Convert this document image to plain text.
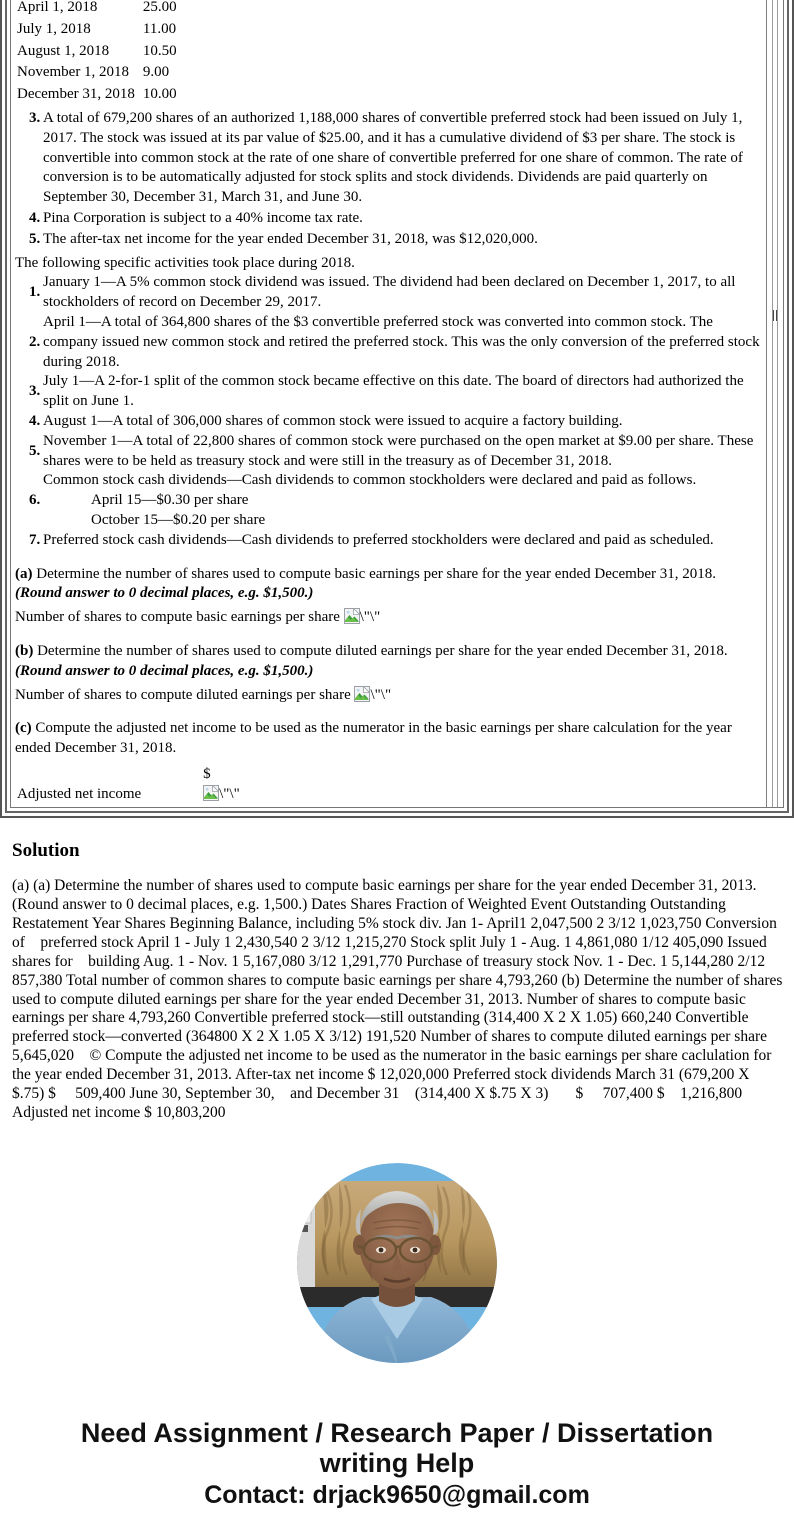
April 1, 2018	25.00
July 1, 2018	11.00
August 1, 2018	10.50
November 1, 2018	9.00
December 31, 2018	10.00
3. A total of 679,200 shares of an authorized 1,188,000 shares of convertible preferred stock had been issued on July 1, 2017. The stock was issued at its par value of $25.00, and it has a cumulative dividend of $3 per share. The stock is convertible into common stock at the rate of one share of convertible preferred for one share of common. The rate of conversion is to be automatically adjusted for stock splits and stock dividends. Dividends are paid quarterly on September 30, December 31, March 31, and June 30.
4. Pina Corporation is subject to a 40% income tax rate.
5. The after-tax net income for the year ended December 31, 2018, was $12,020,000.
The following specific activities took place during 2018.
1.
January 1—A 5% common stock dividend was issued. The dividend had been declared on December 1, 2017, to all stockholders of record on December 29, 2017.
2.
April 1—A total of 364,800 shares of the $3 convertible preferred stock was converted into common stock. The company issued new common stock and retired the preferred stock. This was the only conversion of the preferred stock during 2018.
3.
July 1—A 2-for-1 split of the common stock became effective on this date. The board of directors had authorized the split on June 1.
4. August 1—A total of 306,000 shares of common stock were issued to acquire a factory building.
5.
November 1—A total of 22,800 shares of common stock were purchased on the open market at $9.00 per share. These shares were to be held as treasury stock and were still in the treasury as of December 31, 2018.
6.
Common stock cash dividends—Cash dividends to common stockholders were declared and paid as follows.
April 15—$0.30 per share
October 15—$0.20 per share
7. Preferred stock cash dividends—Cash dividends to preferred stockholders were declared and paid as scheduled.
(a) Determine the number of shares used to compute basic earnings per share for the year ended December 31, 2018. (Round answer to 0 decimal places, e.g. $1,500.)
Number of shares to compute basic earnings per share \"\"
(b) Determine the number of shares used to compute diluted earnings per share for the year ended December 31, 2018. (Round answer to 0 decimal places, e.g. $1,500.)
Number of shares to compute diluted earnings per share \"\"
(c) Compute the adjusted net income to be used as the numerator in the basic earnings per share calculation for the year ended December 31, 2018.
	$
Adjusted net income	\"\"
Solution

(a) (a) Determine the number of shares used to compute basic earnings per share for the year ended December 31, 2013. (Round answer to 0 decimal places, e.g. 1,500.) Dates Shares Fraction of Weighted Event Outstanding Outstanding Restatement Year Shares Beginning Balance, including 5% stock div. Jan 1- April1 2,047,500 2 3/12 1,023,750 Conversion of    preferred stock April 1 - July 1 2,430,540 2 3/12 1,215,270 Stock split July 1 - Aug. 1 4,861,080 1/12 405,090 Issued shares for    building Aug. 1 - Nov. 1 5,167,080 3/12 1,291,770 Purchase of treasury stock Nov. 1 - Dec. 1 5,144,280 2/12 857,380 Total number of common shares to compute basic earnings per share 4,793,260 (b) Determine the number of shares used to compute diluted earnings per share for the year ended December 31, 2013. Number of shares to compute basic earnings per share 4,793,260 Convertible preferred stock—still outstanding (314,400 X 2 X 1.05) 660,240 Convertible preferred stock—converted (364800 X 2 X 1.05 X 3/12) 191,520 Number of shares to compute diluted earnings per share 5,645,020    © Compute the adjusted net income to be used as the numerator in the basic earnings per share caclulation for the year ended December 31, 2013. After-tax net income $ 12,020,000 Preferred stock dividends March 31 (679,200 X $.75) $     509,400 June 30, September 30,    and December 31    (314,400 X $.75 X 3)       $     707,400 $    1,216,800 Adjusted net income $ 10,803,200

Need Assignment / Research Paper / Dissertation
writing Help
Contact: drjack9650@gmail.com
